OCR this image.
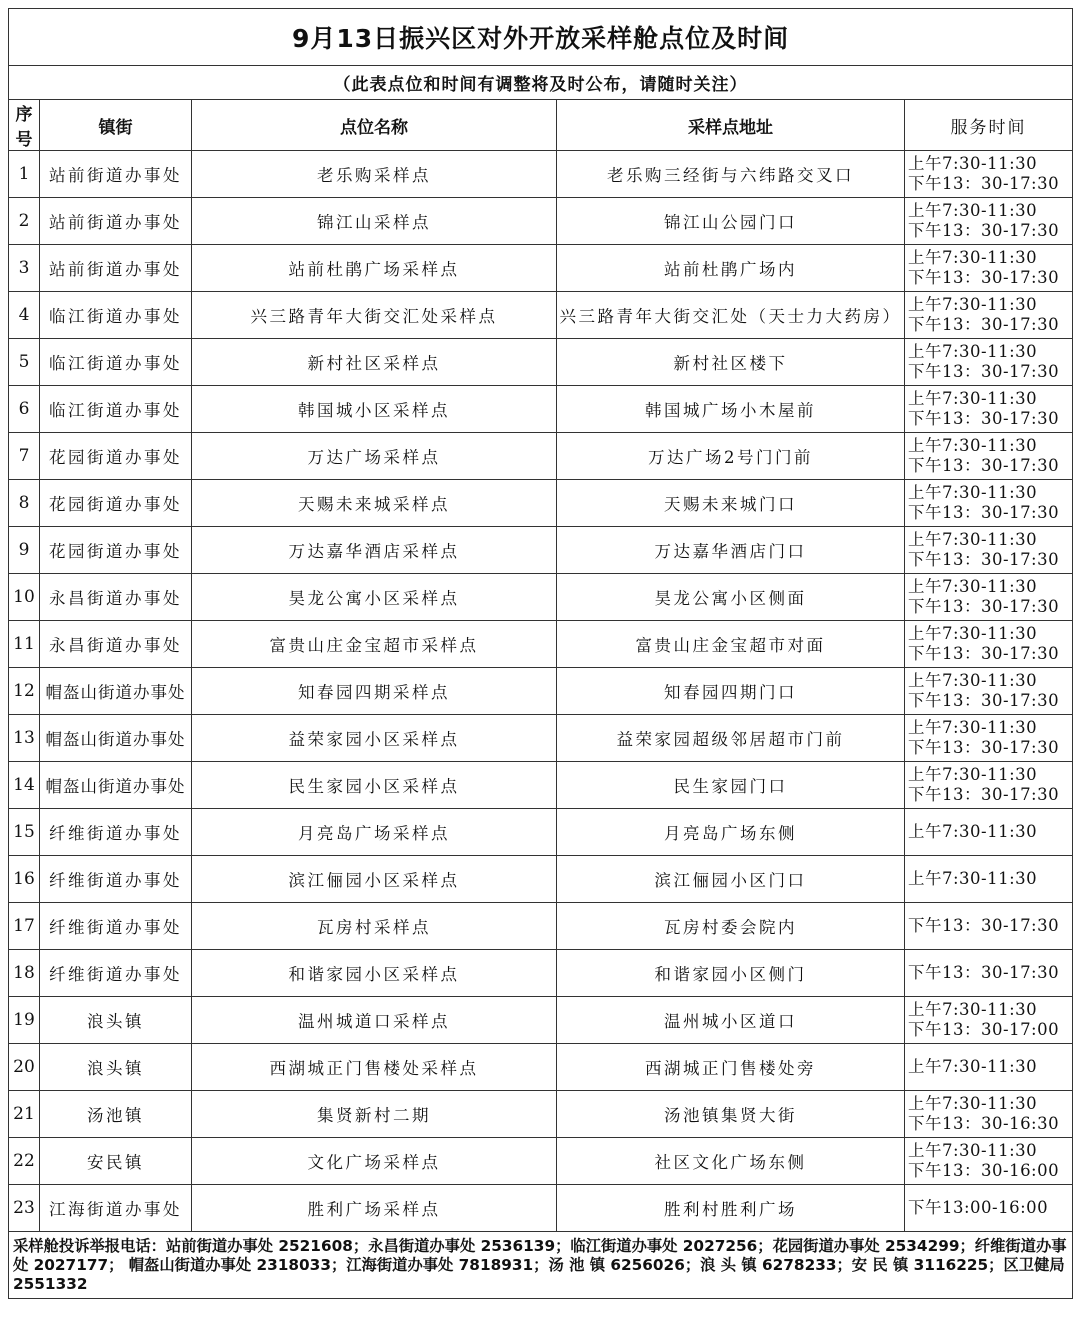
9月13日振兴区对外开放采样舱点位及时间				
（此表点位和时间有调整将及时公布，请随时关注）				
序号	镇街	点位名称	采样点地址	服务时间
1	站前街道办事处	老乐购采样点	老乐购三经街与六纬路交叉口	上午7:30-11:30
下午13：30-17:30

2	站前街道办事处	锦江山采样点	锦江山公园门口	上午7:30-11:30
下午13：30-17:30

3	站前街道办事处	站前杜鹃广场采样点	站前杜鹃广场内	上午7:30-11:30
下午13：30-17:30

4	临江街道办事处	兴三路青年大街交汇处采样点	兴三路青年大街交汇处（天士力大药房）	上午7:30-11:30
下午13：30-17:30

5	临江街道办事处	新村社区采样点	新村社区楼下	上午7:30-11:30
下午13：30-17:30

6	临江街道办事处	韩国城小区采样点	韩国城广场小木屋前	上午7:30-11:30
下午13：30-17:30

7	花园街道办事处	万达广场采样点	万达广场2号门门前	上午7:30-11:30
下午13：30-17:30

8	花园街道办事处	天赐未来城采样点	天赐未来城门口	上午7:30-11:30
下午13：30-17:30

9	花园街道办事处	万达嘉华酒店采样点	万达嘉华酒店门口	上午7:30-11:30
下午13：30-17:30

10	永昌街道办事处	昊龙公寓小区采样点	昊龙公寓小区侧面	上午7:30-11:30
下午13：30-17:30

11	永昌街道办事处	富贵山庄金宝超市采样点	富贵山庄金宝超市对面	上午7:30-11:30
下午13：30-17:30

12	帽盔山街道办事处	知春园四期采样点	知春园四期门口	上午7:30-11:30
下午13：30-17:30

13	帽盔山街道办事处	益荣家园小区采样点	益荣家园超级邻居超市门前	上午7:30-11:30
下午13：30-17:30

14	帽盔山街道办事处	民生家园小区采样点	民生家园门口	上午7:30-11:30
下午13：30-17:30

15	纤维街道办事处	月亮岛广场采样点	月亮岛广场东侧	上午7:30-11:30

16	纤维街道办事处	滨江俪园小区采样点	滨江俪园小区门口	上午7:30-11:30

17	纤维街道办事处	瓦房村采样点	瓦房村委会院内	下午13：30-17:30

18	纤维街道办事处	和谐家园小区采样点	和谐家园小区侧门	下午13：30-17:30

19	浪头镇	温州城道口采样点	温州城小区道口	上午7:30-11:30
下午13：30-17:00

20	浪头镇	西湖城正门售楼处采样点	西湖城正门售楼处旁	上午7:30-11:30

21	汤池镇	集贤新村二期	汤池镇集贤大街	上午7:30-11:30
下午13：30-16:30

22	安民镇	文化广场采样点	社区文化广场东侧	上午7:30-11:30
下午13：30-16:00

23	江海街道办事处	胜利广场采样点	胜利村胜利广场	下午13:00-16:00

采样舱投诉举报电话：站前街道办事处 2521608；永昌街道办事处 2536139；临江街道办事处 2027256；花园街道办事处 2534299；纤维街道办事处 2027177； 帽盔山街道办事处 2318033；江海街道办事处 7818931；汤 池 镇 6256026；浪 头 镇 6278233；安 民 镇 3116225；区卫健局 2551332				
